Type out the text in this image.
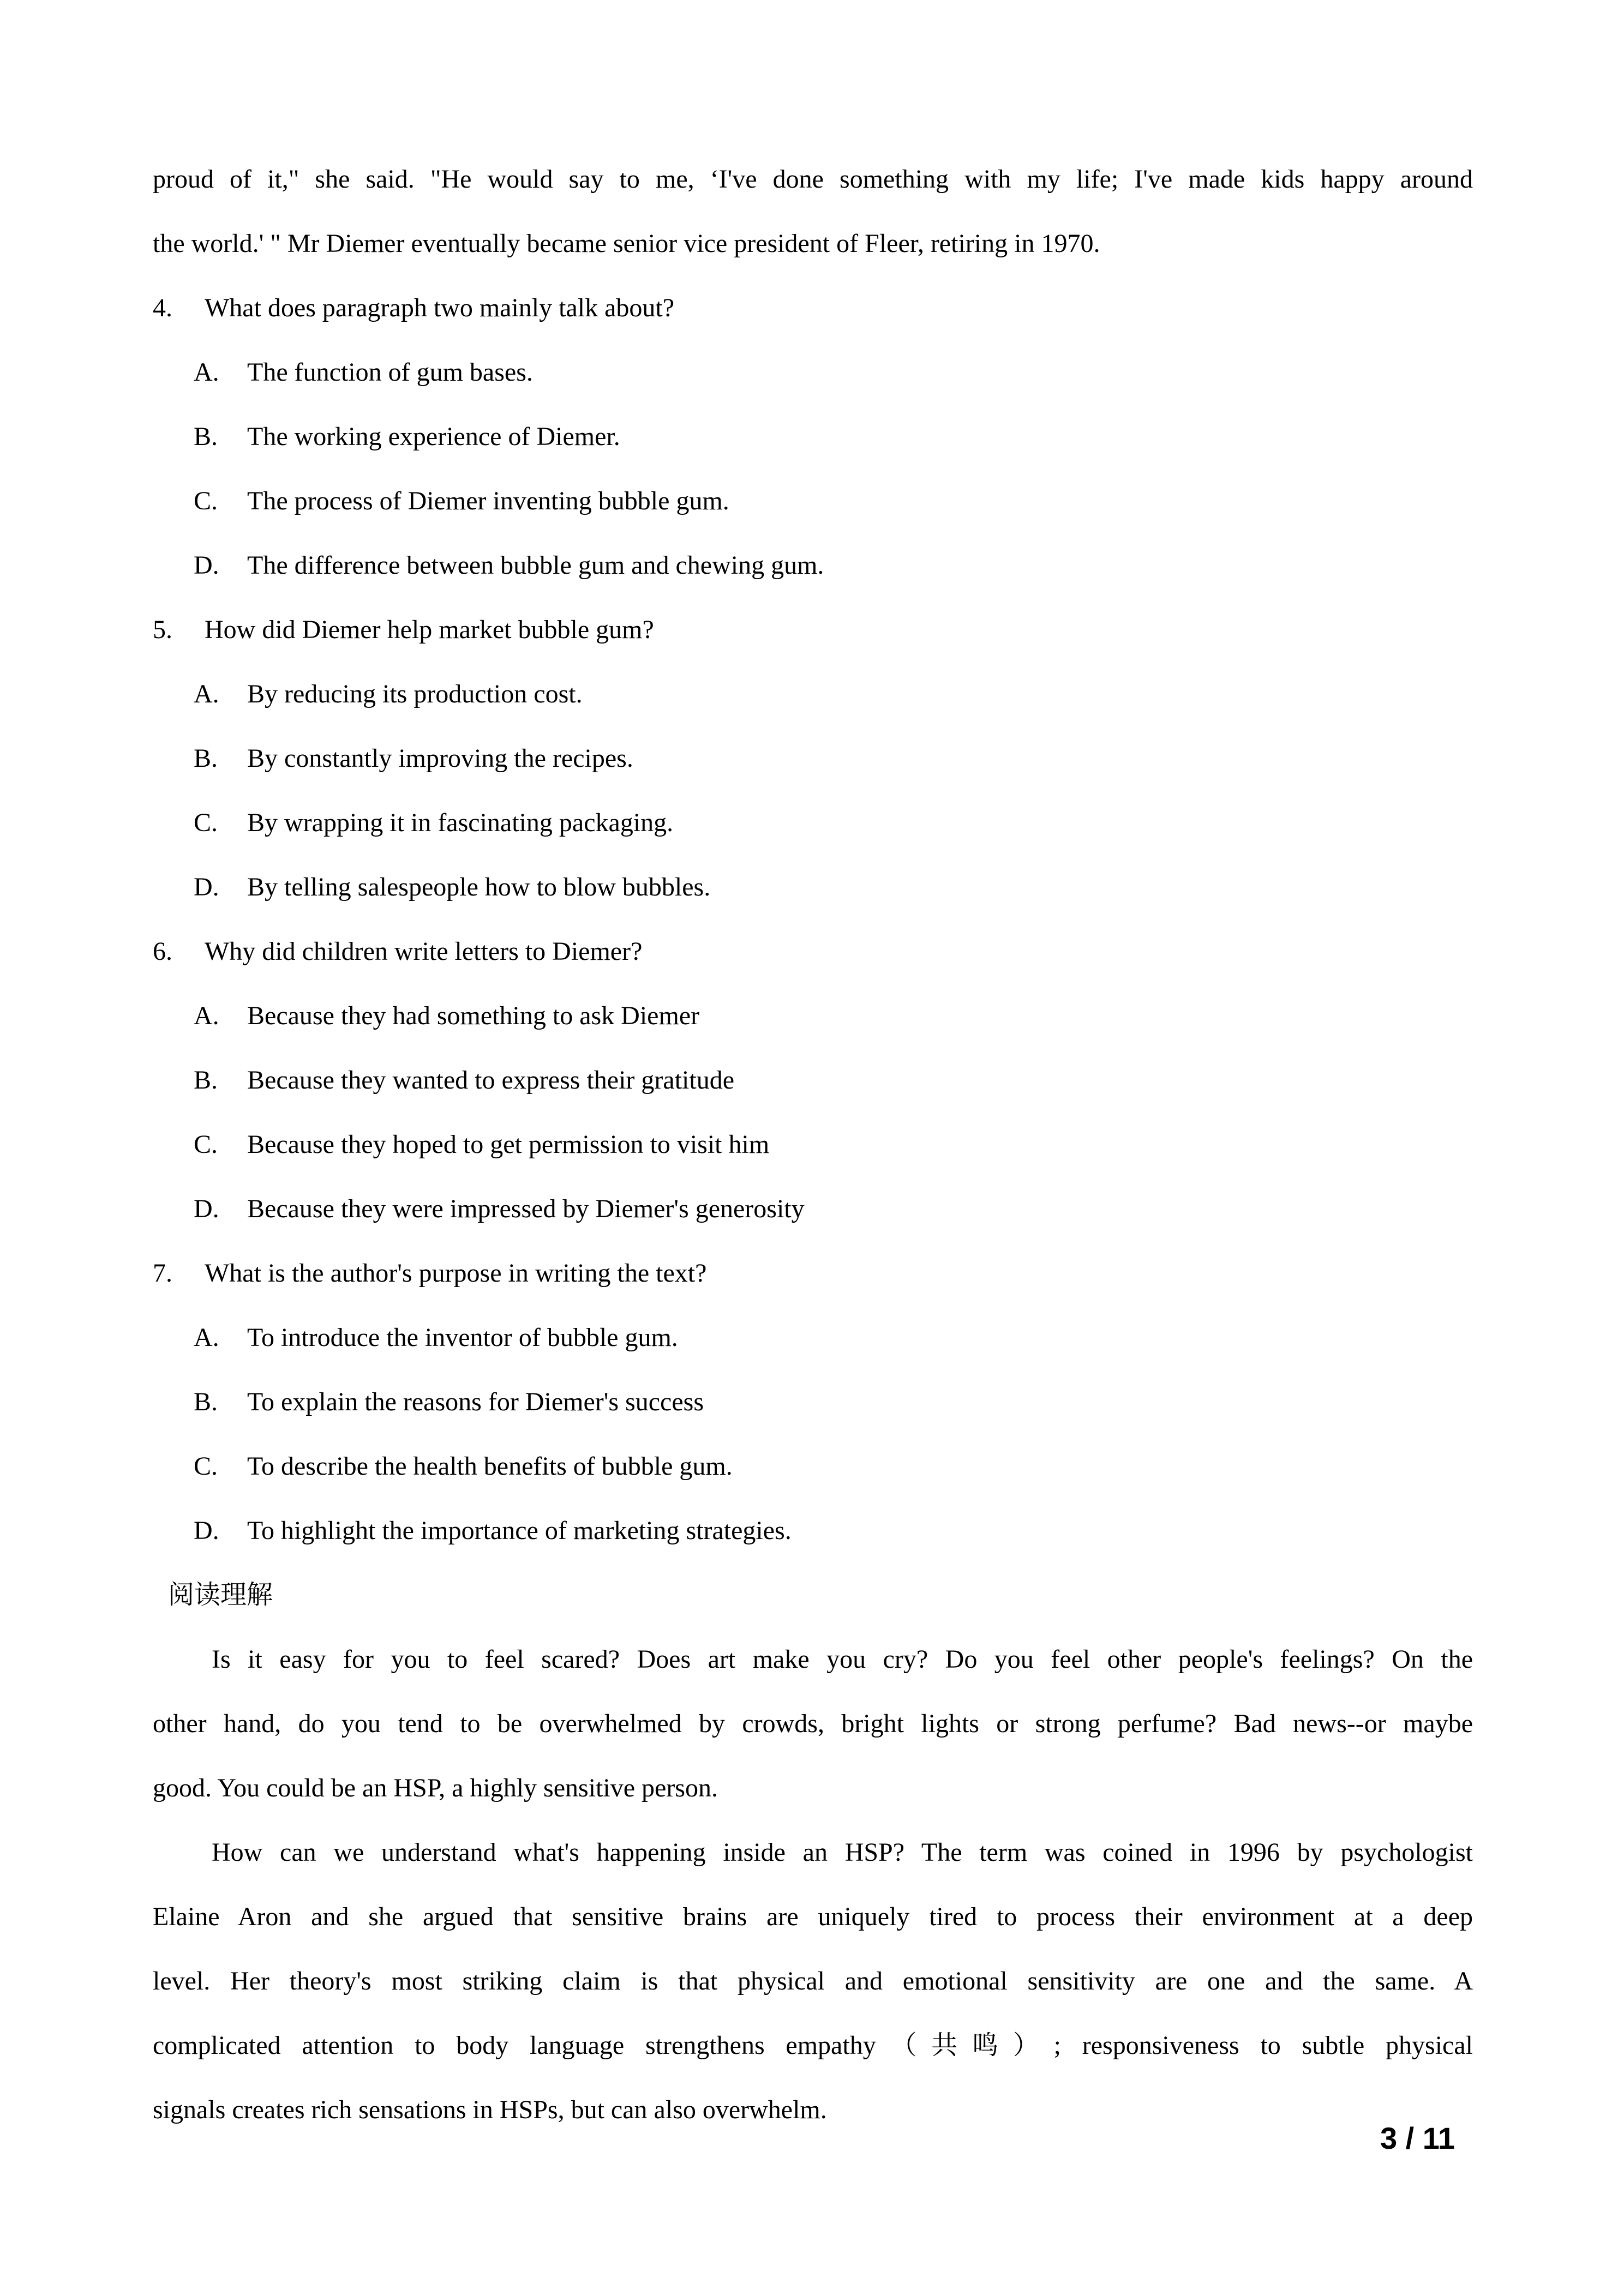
proud of it," she said. "He would say to me, ‘I've done something with my life; I've made kids happy around
the world.' " Mr Diemer eventually became senior vice president of Fleer, retiring in 1970.
4.	What does paragraph two mainly talk about?
A.	The function of gum bases.
B.	The working experience of Diemer.
C.	The process of Diemer inventing bubble gum.
D.	The difference between bubble gum and chewing gum.
5.	How did Diemer help market bubble gum?
A.	By reducing its production cost.
B.	By constantly improving the recipes.
C.	By wrapping it in fascinating packaging.
D.	By telling salespeople how to blow bubbles.
6.	Why did children write letters to Diemer?
A.	Because they had something to ask Diemer
B.	Because they wanted to express their gratitude
C.	Because they hoped to get permission to visit him
D.	Because they were impressed by Diemer's generosity
7.	What is the author's purpose in writing the text?
A.	To introduce the inventor of bubble gum.
B.	To explain the reasons for Diemer's success
C.	To describe the health benefits of bubble gum.
D.	To highlight the importance of marketing strategies.
阅读理解
Is it easy for you to feel scared? Does art make you cry? Do you feel other people's feelings? On the
other hand, do you tend to be overwhelmed by crowds, bright lights or strong perfume? Bad news--or maybe
good. You could be an HSP, a highly sensitive person.
How can we understand what's happening inside an HSP? The term was coined in 1996 by psychologist
Elaine Aron and she argued that sensitive brains are uniquely tired to process their environment at a deep
level. Her theory's most striking claim is that physical and emotional sensitivity are one and the same. A
complicated attention to body language strengthens empathy（共鸣）; responsiveness to subtle physical
signals creates rich sensations in HSPs, but can also overwhelm.
3 / 11
